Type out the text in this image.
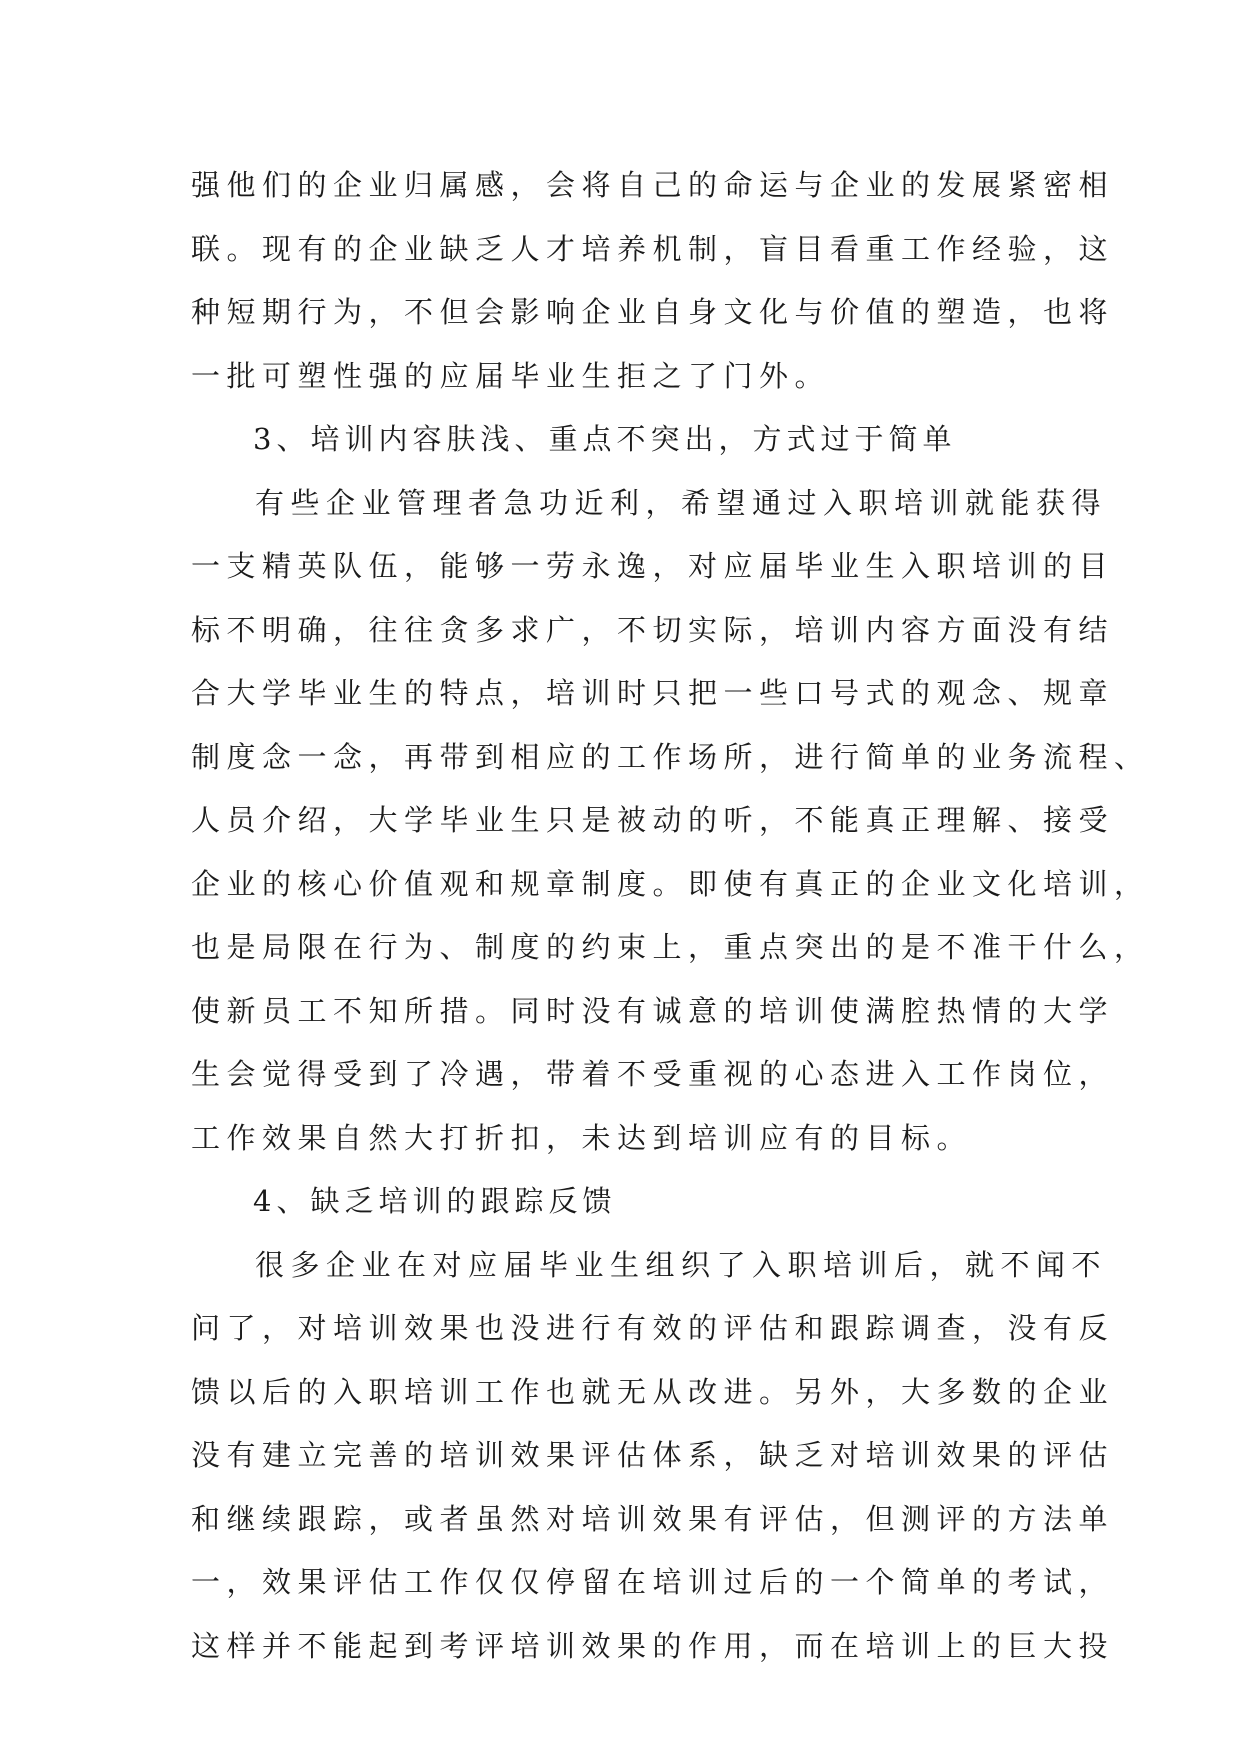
强他们的企业归属感，会将自己的命运与企业的发展紧密相
联。现有的企业缺乏人才培养机制，盲目看重工作经验，这
种短期行为，不但会影响企业自身文化与价值的塑造，也将
一批可塑性强的应届毕业生拒之了门外。
3、培训内容肤浅、重点不突出，方式过于简单
有些企业管理者急功近利，希望通过入职培训就能获得
一支精英队伍，能够一劳永逸，对应届毕业生入职培训的目
标不明确，往往贪多求广，不切实际，培训内容方面没有结
合大学毕业生的特点，培训时只把一些口号式的观念、规章
制度念一念，再带到相应的工作场所，进行简单的业务流程、
人员介绍，大学毕业生只是被动的听，不能真正理解、接受
企业的核心价值观和规章制度。即使有真正的企业文化培训，
也是局限在行为、制度的约束上，重点突出的是不准干什么，
使新员工不知所措。同时没有诚意的培训使满腔热情的大学
生会觉得受到了冷遇，带着不受重视的心态进入工作岗位，
工作效果自然大打折扣，未达到培训应有的目标。
4、缺乏培训的跟踪反馈
很多企业在对应届毕业生组织了入职培训后，就不闻不
问了，对培训效果也没进行有效的评估和跟踪调查，没有反
馈以后的入职培训工作也就无从改进。另外，大多数的企业
没有建立完善的培训效果评估体系，缺乏对培训效果的评估
和继续跟踪，或者虽然对培训效果有评估，但测评的方法单
一，效果评估工作仅仅停留在培训过后的一个简单的考试，
这样并不能起到考评培训效果的作用，而在培训上的巨大投
